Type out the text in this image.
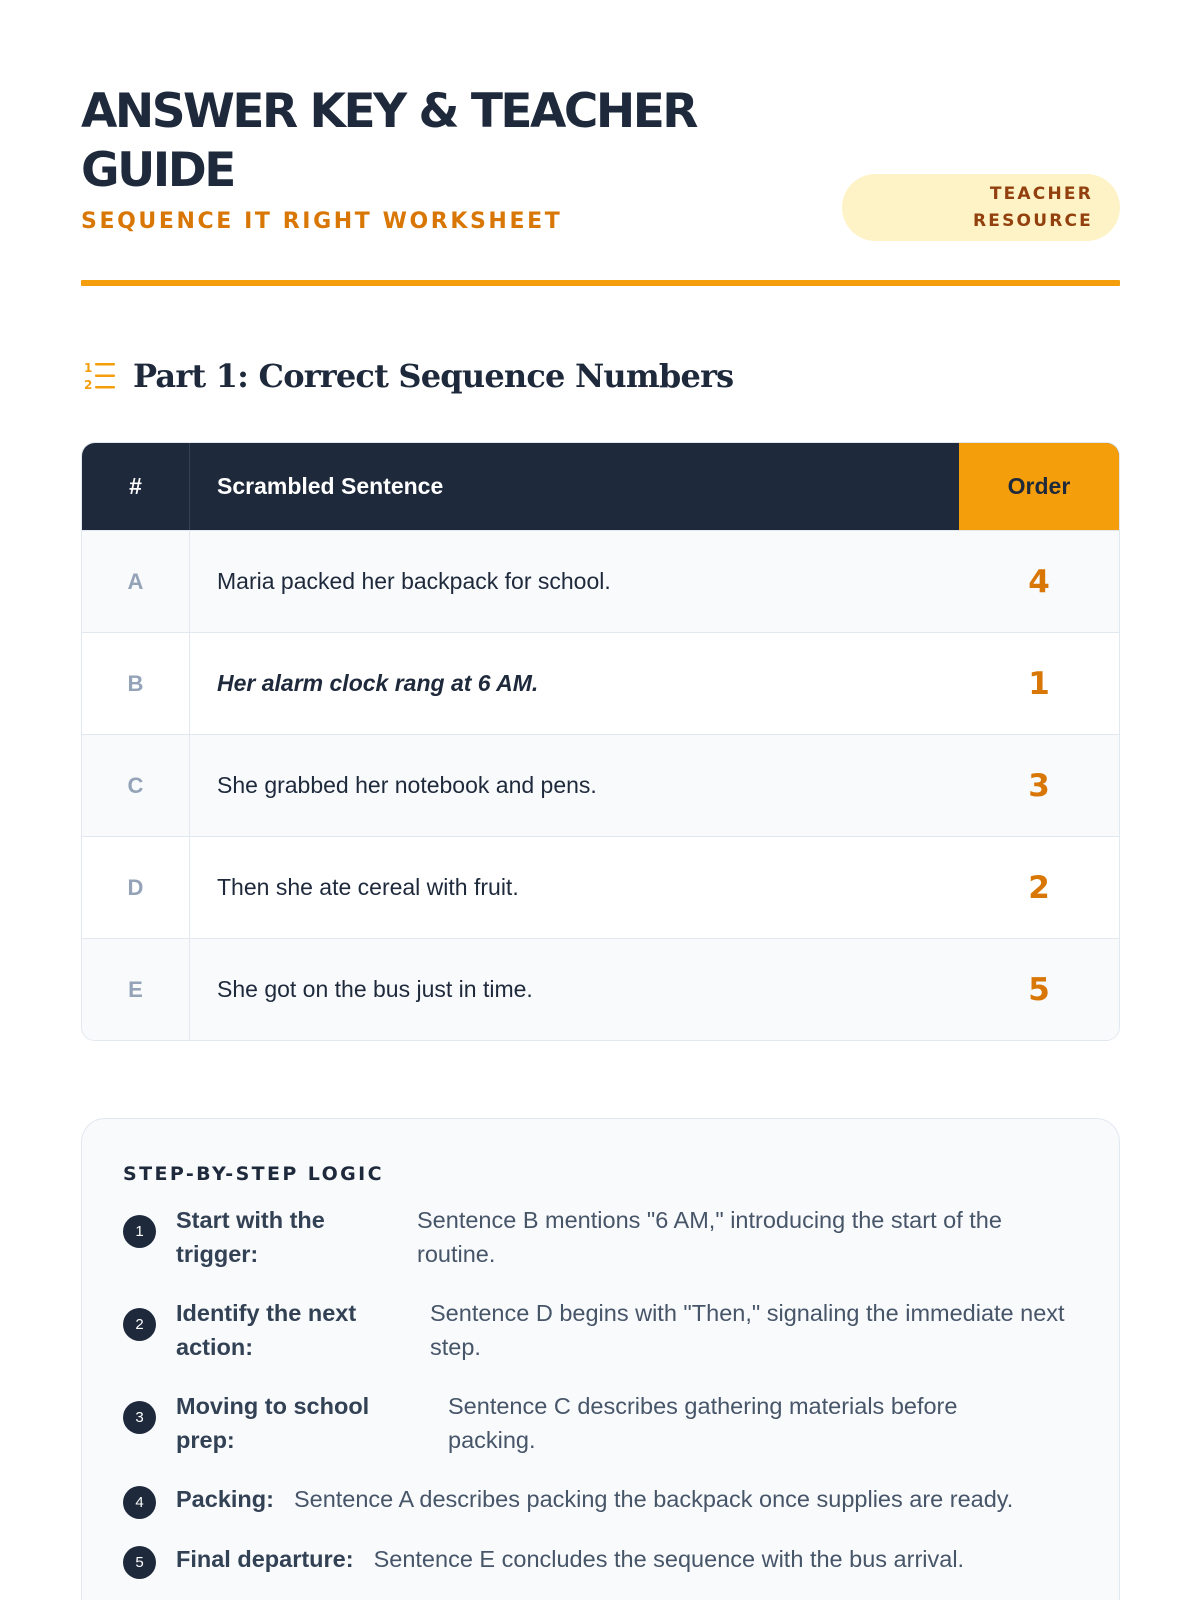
ANSWER KEY & TEACHER GUIDE
SEQUENCE IT RIGHT WORKSHEET
TEACHER RESOURCE
1
2 Part 1: Correct Sequence Numbers
#	Scrambled Sentence	Order
A	Maria packed her backpack for school.	4
B	Her alarm clock rang at 6 AM.	1
C	She grabbed her notebook and pens.	3
D	Then she ate cereal with fruit.	2
E	She got on the bus just in time.	5
STEP-BY-STEP LOGIC
1	Start with the trigger:
Sentence B mentions "6 AM," introducing the start of the routine.
2	Identify the next action:
Sentence D begins with "Then," signaling the immediate next step.
3	Moving to school prep:
Sentence C describes gathering materials before packing.
4	Packing: Sentence A describes packing the backpack once supplies are ready.
5	Final departure: Sentence E concludes the sequence with the bus arrival.
